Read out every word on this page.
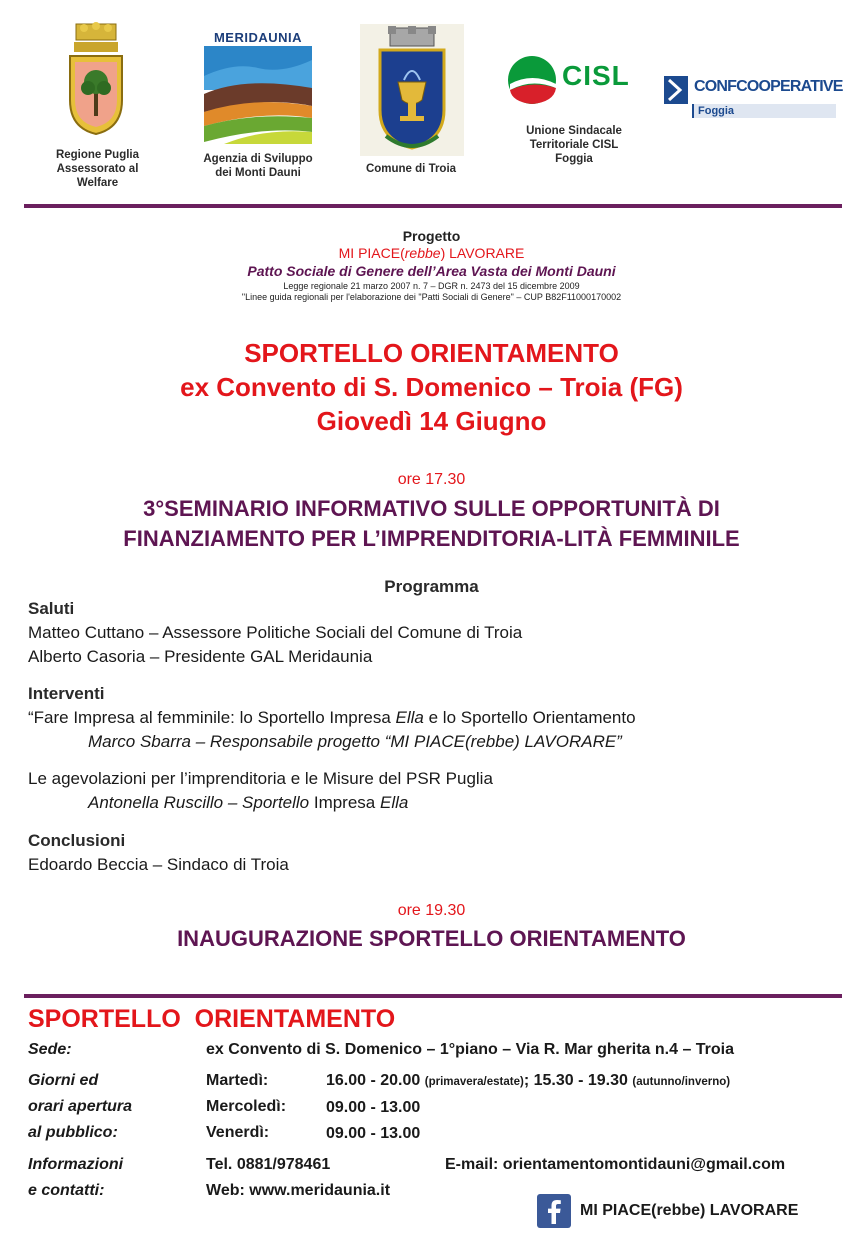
Regione Puglia
Assessorato al
Welfare
MERIDAUNIA
Agenzia di Sviluppo
dei Monti Dauni	Comune di Troia
CISL
Unione Sindacale
Territoriale CISL
Foggia
CONFCOOPERATIVE
Foggia
Progetto
MI PIACE(rebbe) LAVORARE
Patto Sociale di Genere dell’Area Vasta dei Monti Dauni
Legge regionale 21 marzo 2007 n. 7 – DGR n. 2473 del 15 dicembre 2009
"Linee guida regionali per l'elaborazione dei "Patti Sociali di Genere" – CUP B82F11000170002
SPORTELLO ORIENTAMENTO
ex Convento di S. Domenico – Troia (FG)
Giovedì 14 Giugno
ore 17.30
3°SEMINARIO INFORMATIVO SULLE OPPORTUNITÀ DI
FINANZIAMENTO PER L’IMPRENDITORIA-LITÀ FEMMINILE
Programma
Saluti
Matteo Cuttano – Assessore Politiche Sociali del Comune di Troia
Alberto Casoria – Presidente GAL Meridaunia
Interventi
“Fare Impresa al femminile: lo Sportello Impresa Ella e lo Sportello Orientamento
Marco Sbarra – Responsabile progetto “MI PIACE(rebbe) LAVORARE”
Le agevolazioni per l’imprenditoria e le Misure del PSR Puglia
Antonella Ruscillo – Sportello Impresa Ella
Conclusioni
Edoardo Beccia – Sindaco di Troia
ore 19.30
INAUGURAZIONE SPORTELLO ORIENTAMENTO
SPORTELLO  ORIENTAMENTO
Sede:	ex Convento di S. Domenico – 1°piano – Via R. Mar gherita n.4 – Troia
Giorni ed
orari apertura
al pubblico:
Martedì:
Mercoledì:
Venerdì:
16.00 - 20.00 (primavera/estate); 15.30 - 19.30 (autunno/inverno)
09.00 - 13.00
09.00 - 13.00
Informazioni
e contatti:
Tel. 0881/978461
Web: www.meridaunia.it
E-mail: orientamentomontidauni@gmail.com
MI PIACE(rebbe) LAVORARE
